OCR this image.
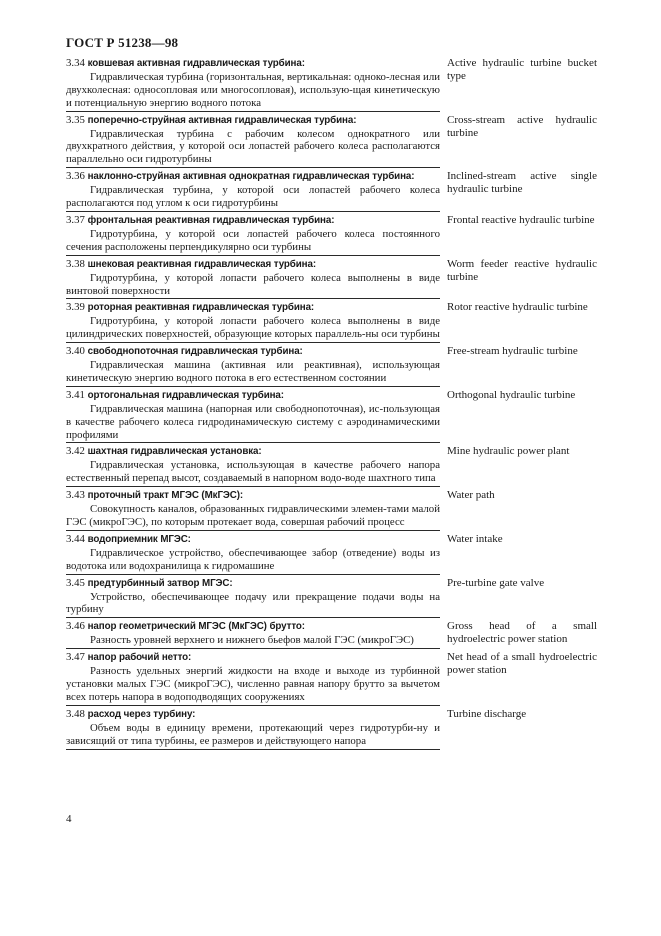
ГОСТ Р 51238—98
3.34 ковшевая активная гидравлическая турбина:
Гидравлическая турбина (горизонтальная, вертикальная: одноко-лесная или двухколесная: односопловая или многосопловая), использую-щая кинетическую и потенциальную энергию водного потока
Active hydraulic turbine bucket type
3.35 поперечно-струйная активная гидравлическая турбина:
Гидравлическая турбина с рабочим колесом однократного или двухкратного действия, у которой оси лопастей рабочего колеса располагаются параллельно оси гидротурбины
Cross-stream active hydraulic turbine
3.36 наклонно-струйная активная однократная гидравлическая турбина:
Гидравлическая турбина, у которой оси лопастей рабочего колеса располагаются под углом к оси гидротурбины
Inclined-stream active single hydraulic turbine
3.37 фронтальная реактивная гидравлическая турбина:
Гидротурбина, у которой оси лопастей рабочего колеса постоянного сечения расположены перпендикулярно оси турбины
Frontal reactive hydraulic turbine
3.38 шнековая реактивная гидравлическая турбина:
Гидротурбина, у которой лопасти рабочего колеса выполнены в виде винтовой поверхности
Worm feeder reactive hydraulic turbine
3.39 роторная реактивная гидравлическая турбина:
Гидротурбина, у которой лопасти рабочего колеса выполнены в виде цилиндрических поверхностей, образующие которых параллель-ны оси турбины
Rotor reactive hydraulic turbine
3.40 свободнопоточная гидравлическая турбина:
Гидравлическая машина (активная или реактивная), использующая кинетическую энергию водного потока в его естественном состоянии
Free-stream hydraulic turbine
3.41 ортогональная гидравлическая турбина:
Гидравлическая машина (напорная или свободнопоточная), ис-пользующая в качестве рабочего колеса гидродинамическую систему с аэродинамическими профилями
Orthogonal hydraulic turbine
3.42 шахтная гидравлическая установка:
Гидравлическая установка, использующая в качестве рабочего напора естественный перепад высот, создаваемый в напорном водо-воде шахтного типа
Mine hydraulic power plant
3.43 проточный тракт МГЭС (МкГЭС):
Совокупность каналов, образованных гидравлическими элемен-тами малой ГЭС (микроГЭС), по которым протекает вода, совершая рабочий процесс
Water path
3.44 водоприемник МГЭС:
Гидравлическое устройство, обеспечивающее забор (отведение) воды из водотока или водохранилища к гидромашине
Water intake
3.45 предтурбинный затвор МГЭС:
Устройство, обеспечивающее подачу или прекращение подачи воды на турбину
Pre-turbine gate valve
3.46 напор геометрический МГЭС (МкГЭС) брутто:
Разность уровней верхнего и нижнего бьефов малой ГЭС (микроГЭС)
Gross head of a small hydroelectric power station
3.47 напор рабочий нетто:
Разность удельных энергий жидкости на входе и выходе из турбинной установки малых ГЭС (микроГЭС), численно равная напору брутто за вычетом всех потерь напора в водоподводящих сооружениях
Net head of a small hydroelectric power station
3.48 расход через турбину:
Объем воды в единицу времени, протекающий через гидротурби-ну и зависящий от типа турбины, ее размеров и действующего напора
Turbine discharge
4
